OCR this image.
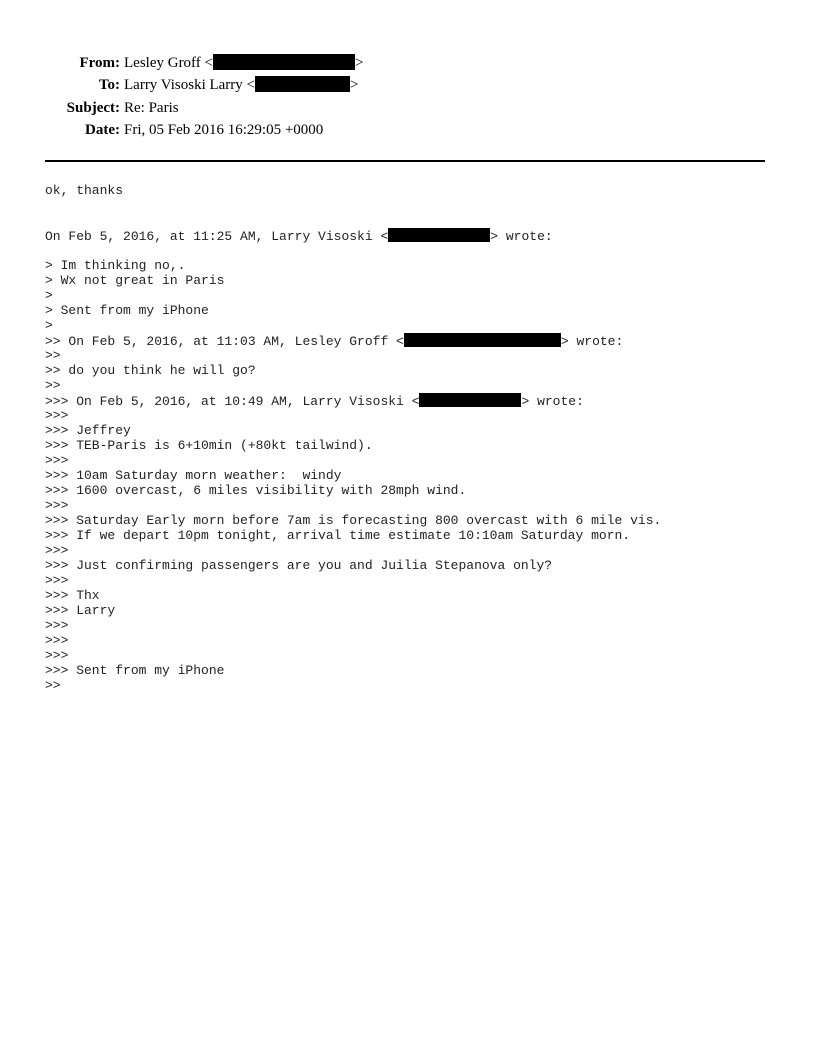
From: Lesley Groff <	>
To: Larry Visoski Larry <	>
Subject: Re: Paris
Date: Fri, 05 Feb 2016 16:29:05 +0000
ok, thanks
On Feb 5, 2016, at 11:25 AM, Larry Visoski <	> wrote:
> Im thinking no,.
> Wx not great in Paris
>
> Sent from my iPhone
>
>> On Feb 5, 2016, at 11:03 AM, Lesley Groff <	> wrote:
>>
>> do you think he will go?
>>
>>> On Feb 5, 2016, at 10:49 AM, Larry Visoski <	> wrote:
>>>
>>> Jeffrey
>>> TEB-Paris is 6+10min (+80kt tailwind).
>>>
>>> 10am Saturday morn weather:  windy
>>> 1600 overcast, 6 miles visibility with 28mph wind.
>>>
>>> Saturday Early morn before 7am is forecasting 800 overcast with 6 mile vis.
>>> If we depart 10pm tonight, arrival time estimate 10:10am Saturday morn.
>>>
>>> Just confirming passengers are you and Juilia Stepanova only?
>>>
>>> Thx
>>> Larry
>>>
>>>
>>>
>>> Sent from my iPhone
>>
